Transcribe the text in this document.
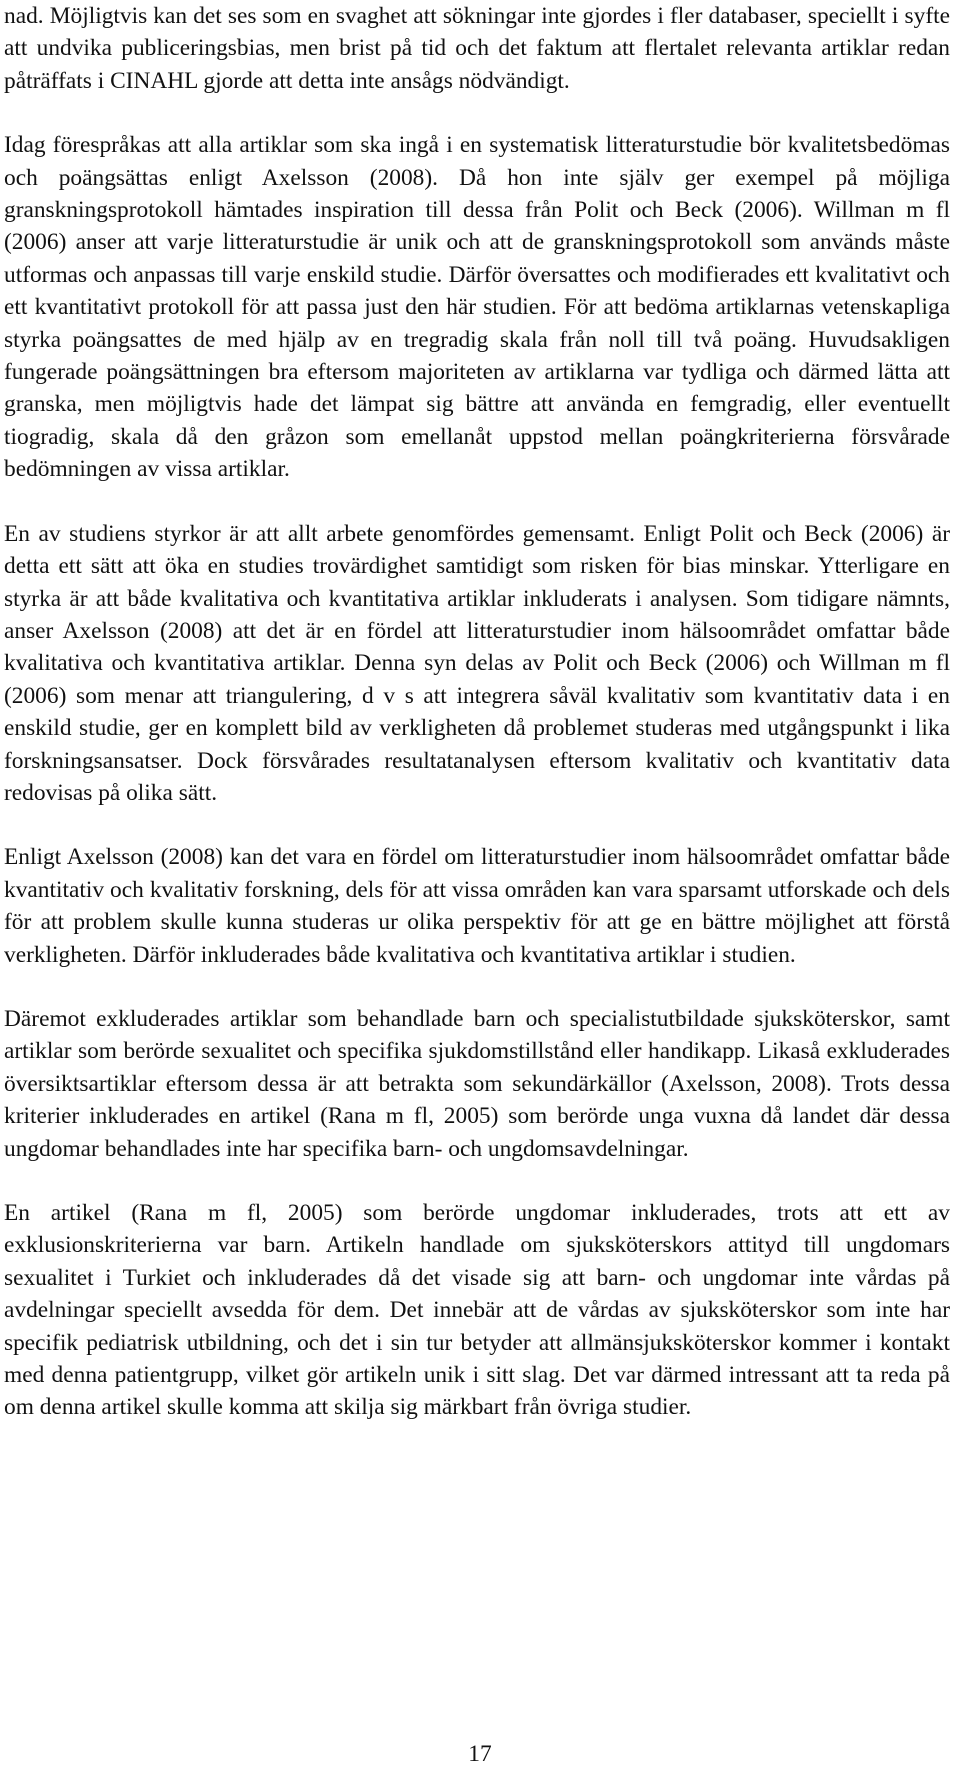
nad. Möjligtvis kan det ses som en svaghet att sökningar inte gjordes i fler databaser, speciellt i syfte att undvika publiceringsbias, men brist på tid och det faktum att flertalet relevanta artiklar redan påträffats i CINAHL gjorde att detta inte ansågs nödvändigt.

Idag förespråkas att alla artiklar som ska ingå i en systematisk litteraturstudie bör kvalitetsbedömas och poängsättas enligt Axelsson (2008). Då hon inte själv ger exempel på möjliga granskningsprotokoll hämtades inspiration till dessa från Polit och Beck (2006). Willman m fl (2006) anser att varje litteraturstudie är unik och att de granskningsprotokoll som används måste utformas och anpassas till varje enskild studie. Därför översattes och modifierades ett kvalitativt och ett kvantitativt protokoll för att passa just den här studien. För att bedöma artiklarnas vetenskapliga styrka poängsattes de med hjälp av en tregradig skala från noll till två poäng. Huvudsakligen fungerade poängsättningen bra eftersom majoriteten av artiklarna var tydliga och därmed lätta att granska, men möjligtvis hade det lämpat sig bättre att använda en femgradig, eller eventuellt tiogradig, skala då den gråzon som emellanåt uppstod mellan poängkriterierna försvårade bedömningen av vissa artiklar.

En av studiens styrkor är att allt arbete genomfördes gemensamt. Enligt Polit och Beck (2006) är detta ett sätt att öka en studies trovärdighet samtidigt som risken för bias minskar. Ytterligare en styrka är att både kvalitativa och kvantitativa artiklar inkluderats i analysen. Som tidigare nämnts, anser Axelsson (2008) att det är en fördel att litteraturstudier inom hälsoområdet omfattar både kvalitativa och kvantitativa artiklar. Denna syn delas av Polit och Beck (2006) och Willman m fl (2006) som menar att triangulering, d v s att integrera såväl kvalitativ som kvantitativ data i en enskild studie, ger en komplett bild av verkligheten då problemet studeras med utgångspunkt i lika forskningsansatser. Dock försvårades resultatanalysen eftersom kvalitativ och kvantitativ data redovisas på olika sätt.

Enligt Axelsson (2008) kan det vara en fördel om litteraturstudier inom hälsoområdet omfattar både kvantitativ och kvalitativ forskning, dels för att vissa områden kan vara sparsamt utforskade och dels för att problem skulle kunna studeras ur olika perspektiv för att ge en bättre möjlighet att förstå verkligheten. Därför inkluderades både kvalitativa och kvantitativa artiklar i studien.

Däremot exkluderades artiklar som behandlade barn och specialistutbildade sjuksköterskor, samt artiklar som berörde sexualitet och specifika sjukdomstillstånd eller handikapp. Likaså exkluderades översiktsartiklar eftersom dessa är att betrakta som sekundärkällor (Axelsson, 2008). Trots dessa kriterier inkluderades en artikel (Rana m fl, 2005) som berörde unga vuxna då landet där dessa ungdomar behandlades inte har specifika barn- och ungdomsavdelningar.

En artikel (Rana m fl, 2005) som berörde ungdomar inkluderades, trots att ett av exklusionskriterierna var barn. Artikeln handlade om sjuksköterskors attityd till ungdomars sexualitet i Turkiet och inkluderades då det visade sig att barn- och ungdomar inte vårdas på avdelningar speciellt avsedda för dem. Det innebär att de vårdas av sjuksköterskor som inte har specifik pediatrisk utbildning, och det i sin tur betyder att allmänsjuksköterskor kommer i kontakt med denna patientgrupp, vilket gör artikeln unik i sitt slag. Det var därmed intressant att ta reda på om denna artikel skulle komma att skilja sig märkbart från övriga studier.

17
